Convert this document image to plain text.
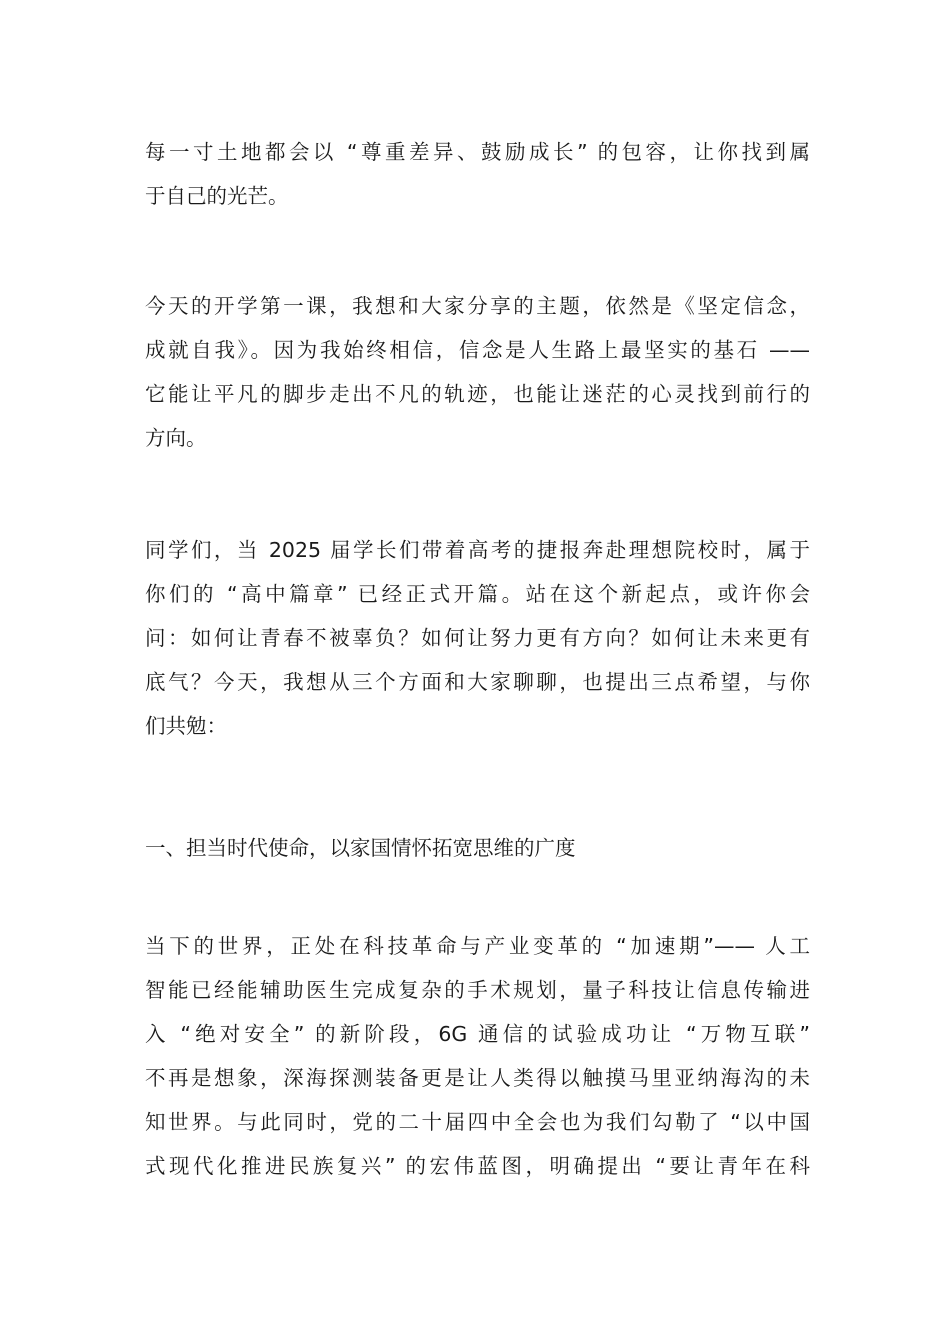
每一寸土地都会以 “尊重差异、鼓励成长” 的包容，让你找到属
于自己的光芒。
今天的开学第一课，我想和大家分享的主题，依然是《坚定信念，
成就自我》。因为我始终相信，信念是人生路上最坚实的基石 ——
它能让平凡的脚步走出不凡的轨迹，也能让迷茫的心灵找到前行的
方向。
同学们，当 2025 届学长们带着高考的捷报奔赴理想院校时，属于
你们的 “高中篇章” 已经正式开篇。站在这个新起点，或许你会
问：如何让青春不被辜负？如何让努力更有方向？如何让未来更有
底气？今天，我想从三个方面和大家聊聊，也提出三点希望，与你
们共勉：
一、担当时代使命，以家国情怀拓宽思维的广度
当下的世界，正处在科技革命与产业变革的 “加速期”—— 人工
智能已经能辅助医生完成复杂的手术规划，量子科技让信息传输进
入 “绝对安全” 的新阶段，6G 通信的试验成功让 “万物互联”
不再是想象，深海探测装备更是让人类得以触摸马里亚纳海沟的未
知世界。与此同时，党的二十届四中全会也为我们勾勒了 “以中国
式现代化推进民族复兴” 的宏伟蓝图，明确提出 “要让青年在科
